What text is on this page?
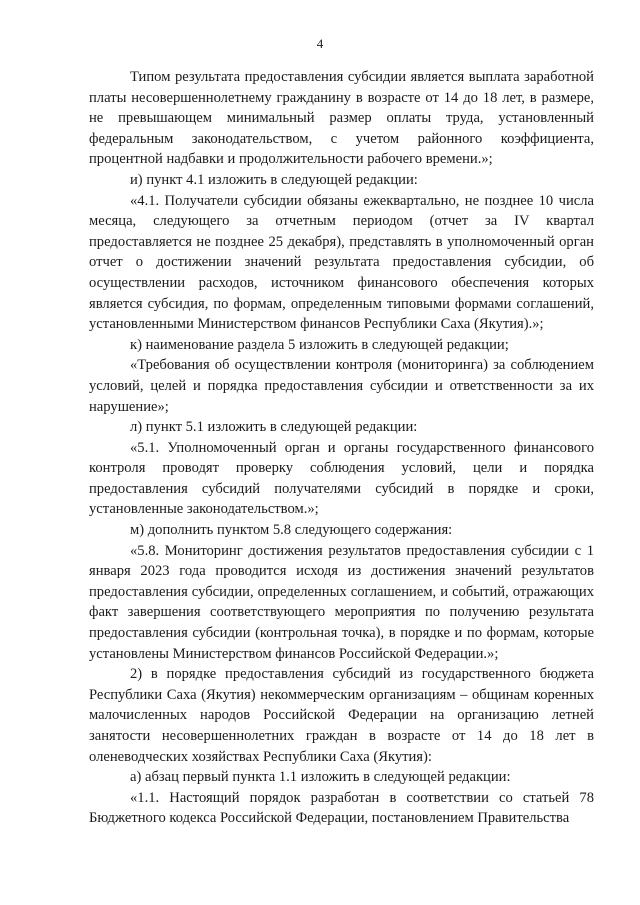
4

Типом результата предоставления субсидии является выплата заработной платы несовершеннолетнему гражданину в возрасте от 14 до 18 лет, в размере, не превышающем минимальный размер оплаты труда, установленный федеральным законодательством, с учетом районного коэффициента, процентной надбавки и продолжительности рабочего времени.»;

и) пункт 4.1 изложить в следующей редакции:

«4.1. Получатели субсидии обязаны ежеквартально, не позднее 10 числа месяца, следующего за отчетным периодом (отчет за IV квартал предоставляется не позднее 25 декабря), представлять в уполномоченный орган отчет о достижении значений результата предоставления субсидии, об осуществлении расходов, источником финансового обеспечения которых является субсидия, по формам, определенным типовыми формами соглашений, установленными Министерством финансов Республики Саха (Якутия).»;

к) наименование раздела 5 изложить в следующей редакции;

«Требования об осуществлении контроля (мониторинга) за соблюдением условий, целей и порядка предоставления субсидии и ответственности за их нарушение»;

л) пункт 5.1 изложить в следующей редакции:

«5.1. Уполномоченный орган и органы государственного финансового контроля проводят проверку соблюдения условий, цели и порядка предоставления субсидий получателями субсидий в порядке и сроки, установленные законодательством.»;

м) дополнить пунктом 5.8 следующего содержания:

«5.8. Мониторинг достижения результатов предоставления субсидии с 1 января 2023 года проводится исходя из достижения значений результатов предоставления субсидии, определенных соглашением, и событий, отражающих факт завершения соответствующего мероприятия по получению результата предоставления субсидии (контрольная точка), в порядке и по формам, которые установлены Министерством финансов Российской Федерации.»;

2) в порядке предоставления субсидий из государственного бюджета Республики Саха (Якутия) некоммерческим организациям – общинам коренных малочисленных народов Российской Федерации на организацию летней занятости несовершеннолетних граждан в возрасте от 14 до 18 лет в оленеводческих хозяйствах Республики Саха (Якутия):

а) абзац первый пункта 1.1 изложить в следующей редакции:

«1.1. Настоящий порядок разработан в соответствии со статьей 78 Бюджетного кодекса Российской Федерации, постановлением Правительства
